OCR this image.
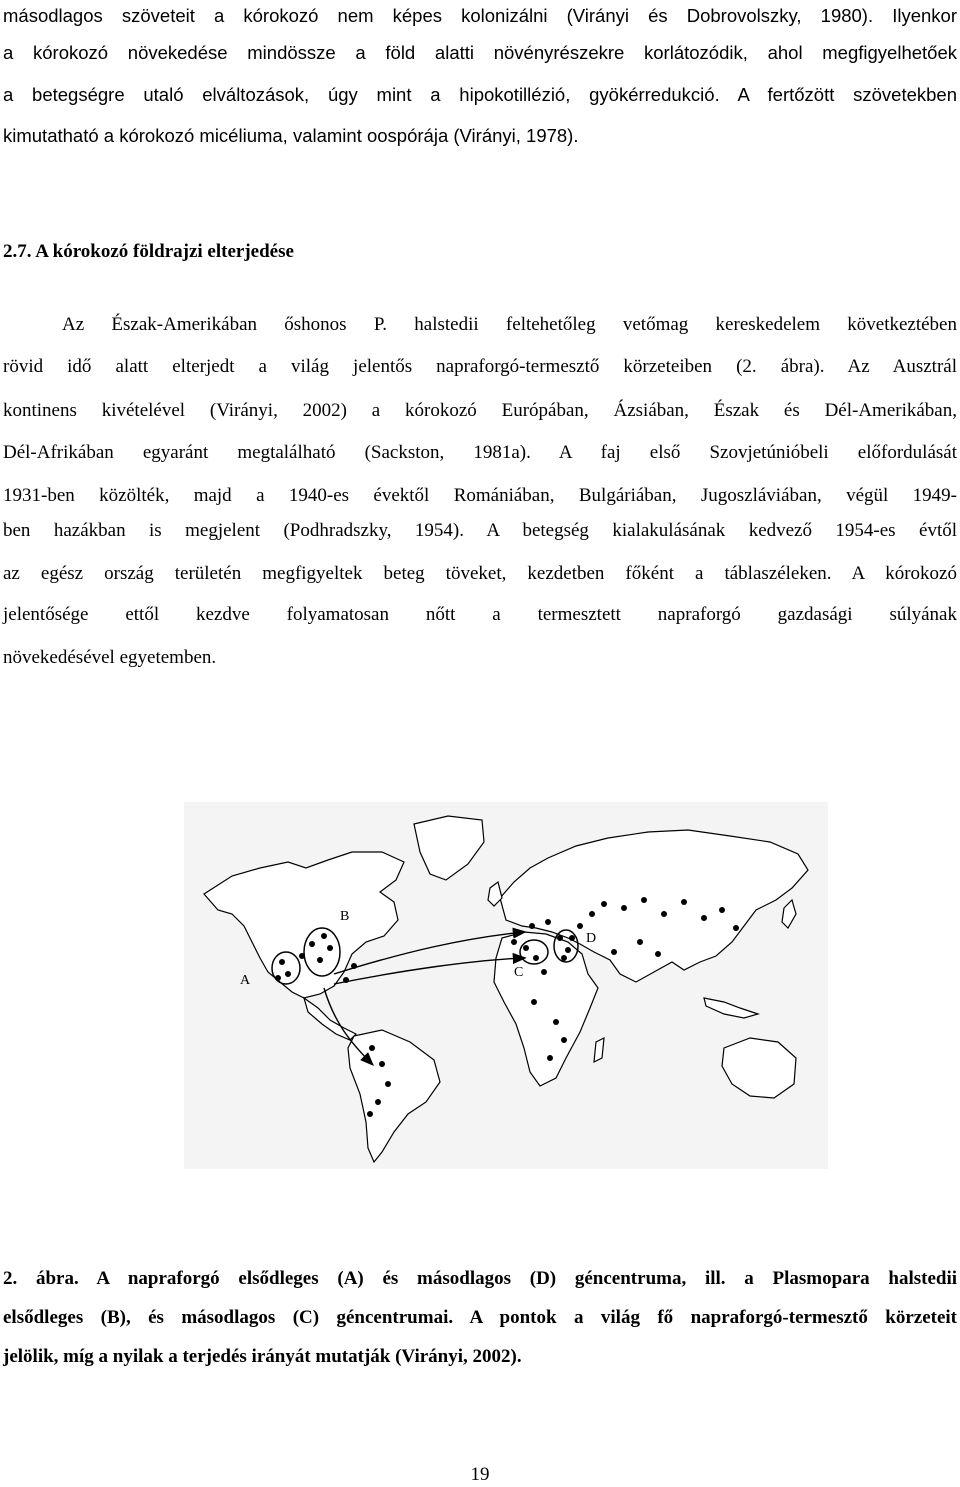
másodlagos szöveteit a kórokozó nem képes kolonizálni (Virányi és Dobrovolszky, 1980). Ilyenkor
a kórokozó növekedése mindössze a föld alatti növényrészekre korlátozódik, ahol megfigyelhetőek
a betegségre utaló elváltozások, úgy mint a hipokotillézió, gyökérredukció. A fertőzött szövetekben
kimutatható a kórokozó micéliuma, valamint oospórája (Virányi, 1978).
2.7. A kórokozó földrajzi elterjedése
Az Észak-Amerikában őshonos P. halstedii feltehetőleg vetőmag kereskedelem következtében
rövid idő alatt elterjedt a világ jelentős napraforgó-termesztő körzeteiben (2. ábra). Az Ausztrál
kontinens kivételével (Virányi, 2002) a kórokozó Európában, Ázsiában, Észak és Dél-Amerikában,
Dél-Afrikában egyaránt megtalálható (Sackston, 1981a). A faj első Szovjetúnióbeli előfordulását
1931-ben közölték, majd a 1940-es évektől Romániában, Bulgáriában, Jugoszláviában, végül 1949-
ben hazákban is megjelent (Podhradszky, 1954). A betegség kialakulásának kedvező 1954-es évtől
az egész ország területén megfigyeltek beteg töveket, kezdetben főként a táblaszéleken. A kórokozó
jelentősége ettől kezdve folyamatosan nőtt a termesztett napraforgó gazdasági súlyának
növekedésével egyetemben.
A
B
C
D
2. ábra. A napraforgó elsődleges (A) és másodlagos (D) géncentruma, ill. a Plasmopara halstedii
elsődleges (B), és másodlagos (C) géncentrumai. A pontok a világ fő napraforgó-termesztő körzeteit
jelölik, míg a nyilak a terjedés irányát mutatják (Virányi, 2002).
19
